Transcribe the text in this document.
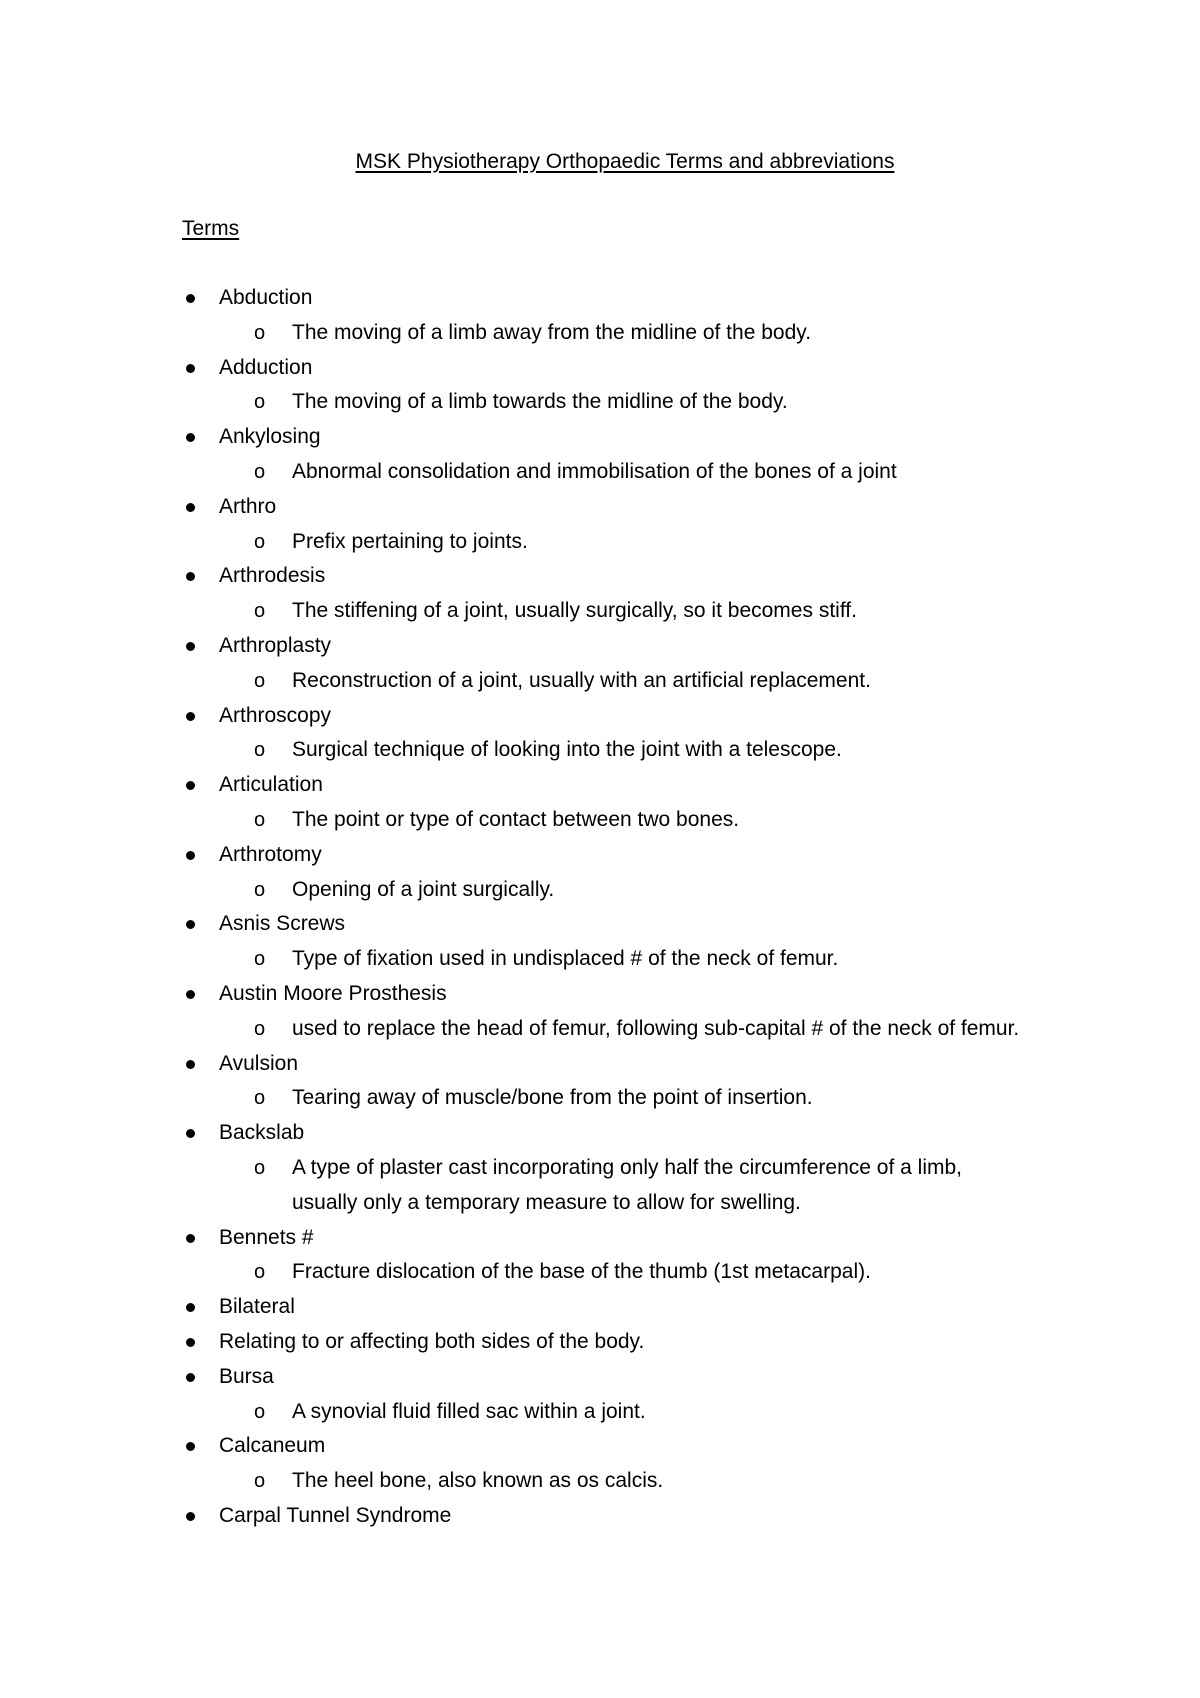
MSK Physiotherapy Orthopaedic Terms and abbreviations
Terms
Abduction
o The moving of a limb away from the midline of the body.
Adduction
o The moving of a limb towards the midline of the body.
Ankylosing
o Abnormal consolidation and immobilisation of the bones of a joint
Arthro
o Prefix pertaining to joints.
Arthrodesis
o The stiffening of a joint, usually surgically, so it becomes stiff.
Arthroplasty
o Reconstruction of a joint, usually with an artificial replacement.
Arthroscopy
o Surgical technique of looking into the joint with a telescope.
Articulation
o The point or type of contact between two bones.
Arthrotomy
o Opening of a joint surgically.
Asnis Screws
o Type of fixation used in undisplaced # of the neck of femur.
Austin Moore Prosthesis
o used to replace the head of femur, following sub-capital # of the neck of femur.
Avulsion
o Tearing away of muscle/bone from the point of insertion.
Backslab
o A type of plaster cast incorporating only half the circumference of a limb, usually only a temporary measure to allow for swelling.
Bennets #
o Fracture dislocation of the base of the thumb (1st metacarpal).
Bilateral
Relating to or affecting both sides of the body.
Bursa
o A synovial fluid filled sac within a joint.
Calcaneum
o The heel bone, also known as os calcis.
Carpal Tunnel Syndrome
